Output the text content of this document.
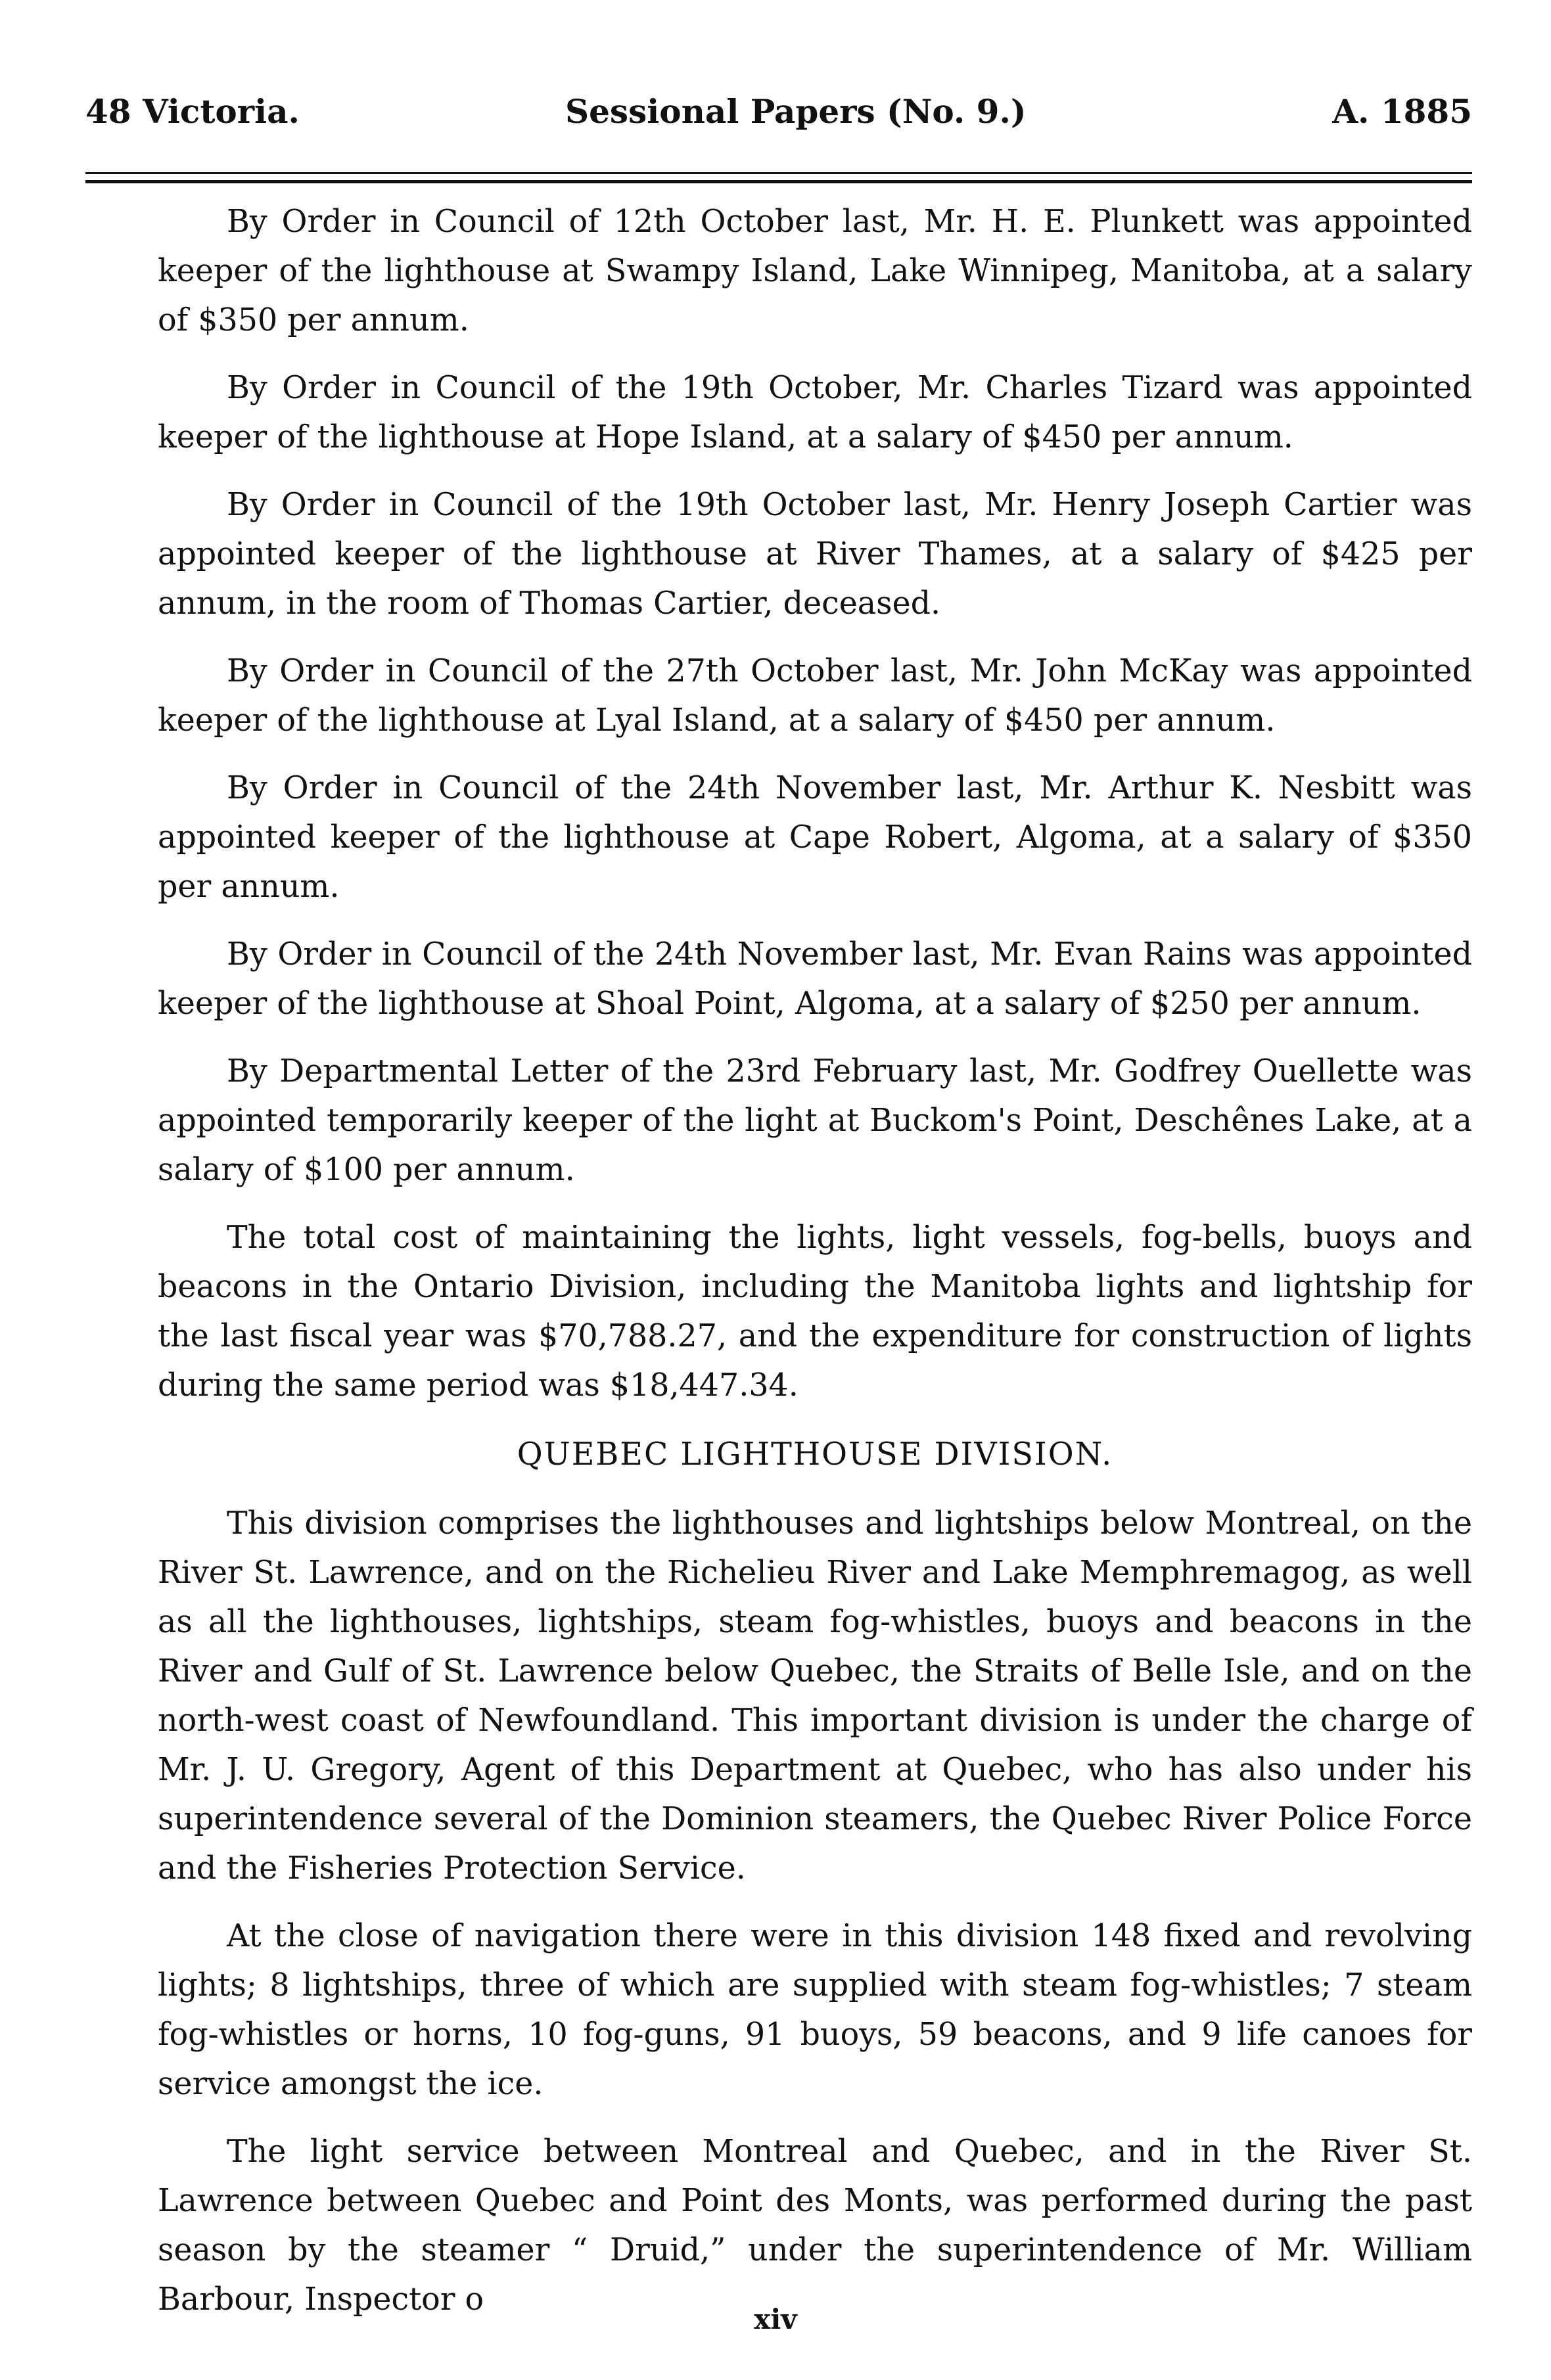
48 Victoria.	Sessional Papers (No. 9.)	A. 1885

By Order in Council of 12th October last, Mr. H. E. Plunkett was appointed keeper of the lighthouse at Swampy Island, Lake Winnipeg, Manitoba, at a salary of $350 per annum.

By Order in Council of the 19th October, Mr. Charles Tizard was appointed keeper of the lighthouse at Hope Island, at a salary of $450 per annum.

By Order in Council of the 19th October last, Mr. Henry Joseph Cartier was appointed keeper of the lighthouse at River Thames, at a salary of $425 per annum, in the room of Thomas Cartier, deceased.

By Order in Council of the 27th October last, Mr. John McKay was appointed keeper of the lighthouse at Lyal Island, at a salary of $450 per annum.

By Order in Council of the 24th November last, Mr. Arthur K. Nesbitt was appointed keeper of the lighthouse at Cape Robert, Algoma, at a salary of $350 per annum.

By Order in Council of the 24th November last, Mr. Evan Rains was appointed keeper of the lighthouse at Shoal Point, Algoma, at a salary of $250 per annum.

By Departmental Letter of the 23rd February last, Mr. Godfrey Ouellette was appointed temporarily keeper of the light at Buckom's Point, Deschênes Lake, at a salary of $100 per annum.

The total cost of maintaining the lights, light vessels, fog-bells, buoys and beacons in the Ontario Division, including the Manitoba lights and lightship for the last fiscal year was $70,788.27, and the expenditure for construction of lights during the same period was $18,447.34.

QUEBEC LIGHTHOUSE DIVISION.

This division comprises the lighthouses and lightships below Montreal, on the River St. Lawrence, and on the Richelieu River and Lake Memphremagog, as well as all the lighthouses, lightships, steam fog-whistles, buoys and beacons in the River and Gulf of St. Lawrence below Quebec, the Straits of Belle Isle, and on the north-west coast of Newfoundland. This important division is under the charge of Mr. J. U. Gregory, Agent of this Department at Quebec, who has also under his superintendence several of the Dominion steamers, the Quebec River Police Force and the Fisheries Protection Service.

At the close of navigation there were in this division 148 fixed and revolving lights; 8 lightships, three of which are supplied with steam fog-whistles; 7 steam fog-whistles or horns, 10 fog-guns, 91 buoys, 59 beacons, and 9 life canoes for service amongst the ice.

The light service between Montreal and Quebec, and in the River St. Lawrence between Quebec and Point des Monts, was performed during the past season by the steamer “ Druid,” under the superintendence of Mr. William Barbour, Inspector o

xiv
